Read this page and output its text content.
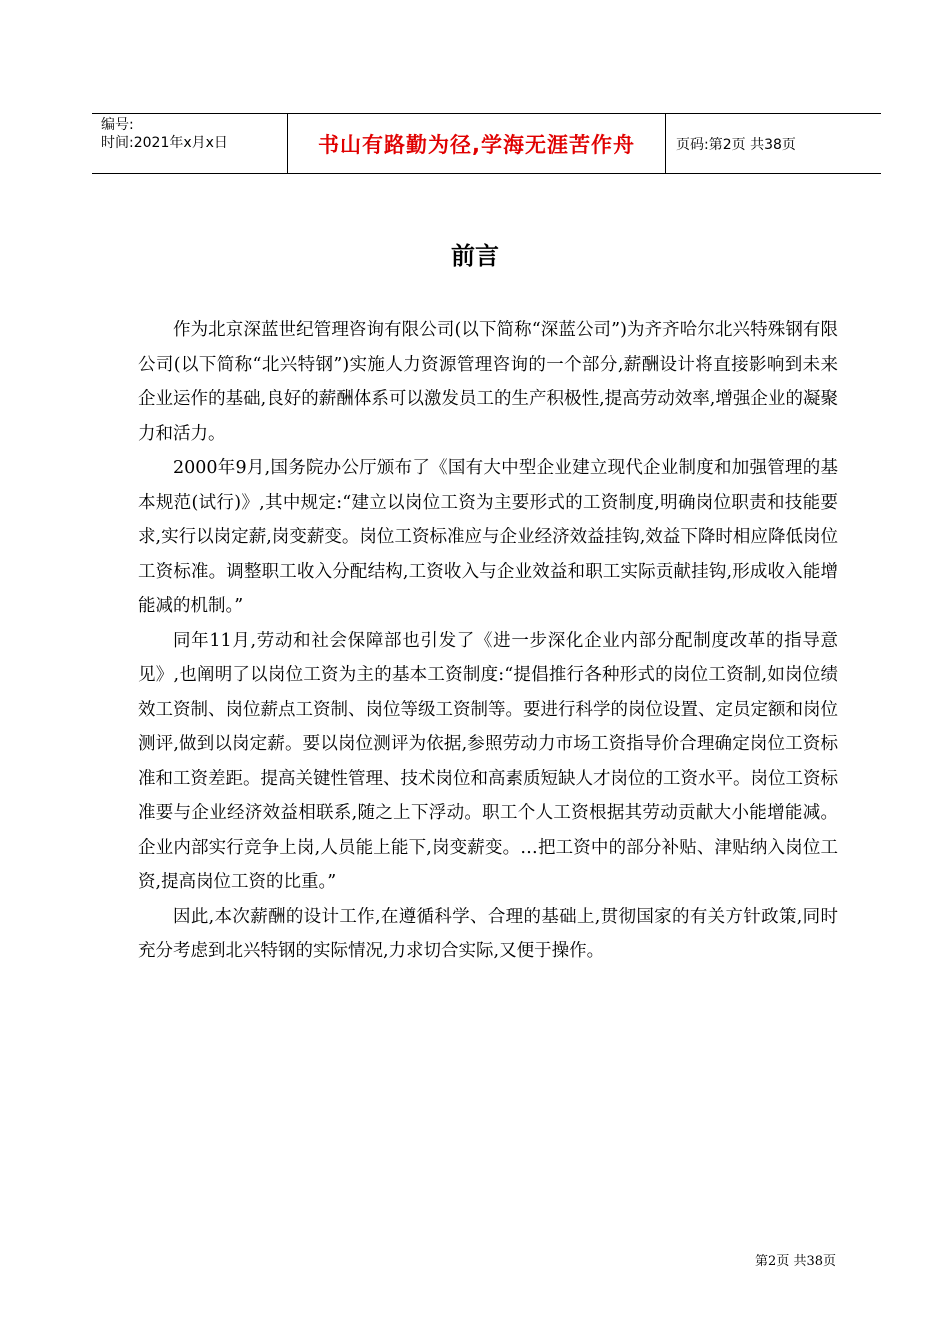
编号:
时间:2021年x月x日	书山有路勤为径,学海无涯苦作舟	页码:第2页 共38页
前言

作为北京深蓝世纪管理咨询有限公司(以下简称“深蓝公司”)为齐齐哈尔北兴特殊钢有限公司(以下简称“北兴特钢”)实施人力资源管理咨询的一个部分,薪酬设计将直接影响到未来企业运作的基础,良好的薪酬体系可以激发员工的生产积极性,提高劳动效率,增强企业的凝聚力和活力。

2000年9月,国务院办公厅颁布了《国有大中型企业建立现代企业制度和加强管理的基本规范(试行)》,其中规定:“建立以岗位工资为主要形式的工资制度,明确岗位职责和技能要求,实行以岗定薪,岗变薪变。岗位工资标准应与企业经济效益挂钩,效益下降时相应降低岗位工资标准。调整职工收入分配结构,工资收入与企业效益和职工实际贡献挂钩,形成收入能增能减的机制。”

同年11月,劳动和社会保障部也引发了《进一步深化企业内部分配制度改革的指导意见》,也阐明了以岗位工资为主的基本工资制度:“提倡推行各种形式的岗位工资制,如岗位绩效工资制、岗位薪点工资制、岗位等级工资制等。要进行科学的岗位设置、定员定额和岗位测评,做到以岗定薪。要以岗位测评为依据,参照劳动力市场工资指导价合理确定岗位工资标准和工资差距。提高关键性管理、技术岗位和高素质短缺人才岗位的工资水平。岗位工资标准要与企业经济效益相联系,随之上下浮动。职工个人工资根据其劳动贡献大小能增能减。企业内部实行竞争上岗,人员能上能下,岗变薪变。…把工资中的部分补贴、津贴纳入岗位工资,提高岗位工资的比重。”

因此,本次薪酬的设计工作,在遵循科学、合理的基础上,贯彻国家的有关方针政策,同时充分考虑到北兴特钢的实际情况,力求切合实际,又便于操作。

第2页 共38页
